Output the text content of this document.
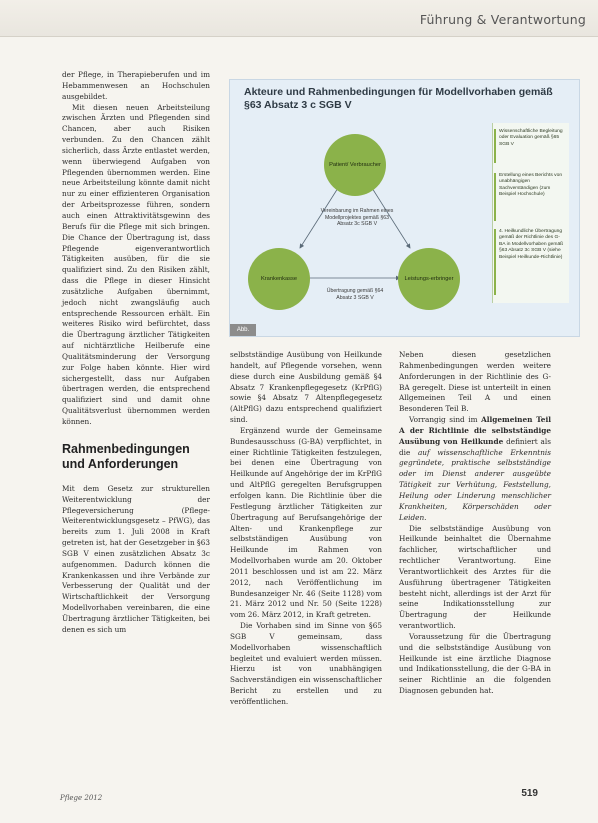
Führung & Verantwortung

der Pflege, in Therapieberufen und im Hebammenwesen an Hochschulen ausgebildet.

Mit diesen neuen Arbeitsteilung zwischen Ärzten und Pflegenden sind Chancen, aber auch Risiken verbunden. Zu den Chancen zählt sicherlich, dass Ärzte entlastet werden, wenn überwiegend Aufgaben von Pflegenden übernommen werden. Eine neue Arbeitsteilung könnte damit nicht nur zu einer effizienteren Organisation der Arbeitsprozesse führen, sondern auch einen Attraktivitätsgewinn des Berufs für die Pflege mit sich bringen. Die Chance der Übertragung ist, dass Pflegende eigenverantwortlich Tätigkeiten ausüben, für die sie qualifiziert sind. Zu den Risiken zählt, dass die Pflege in dieser Hinsicht zusätzliche Aufgaben übernimmt, jedoch nicht zwangsläufig auch entsprechende Ressourcen erhält. Ein weiteres Risiko wird befürchtet, dass die Übertragung ärztlicher Tätigkeiten auf nichtärztliche Heilberufe eine Qualitätsminderung der Versorgung zur Folge haben könnte. Hier wird sichergestellt, dass nur Aufgaben übertragen werden, die entsprechend qualifiziert sind und damit ohne Qualitätsverlust übernommen werden können.

Rahmenbedingungen und Anforderungen

Mit dem Gesetz zur strukturellen Weiterentwicklung der Pflegeversicherung (Pflege-Weiterentwicklungsgesetz – PfWG), das bereits zum 1. Juli 2008 in Kraft getreten ist, hat der Gesetzgeber in §63 SGB V einen zusätzlichen Absatz 3c aufgenommen. Dadurch können die Krankenkassen und ihre Verbände zur Verbesserung der Qualität und der Wirtschaftlichkeit der Versorgung Modellvorhaben vereinbaren, die eine Übertragung ärztlicher Tätigkeiten, bei denen es sich um

Akteure und Rahmenbedingungen für Modellvorhaben gemäß §63 Absatz 3 c SGB V
Patient/ Verbraucher
Krankenkasse	Leistungs-erbringer
Vereinbarung im Rahmen eines Modellprojektes gemäß §63 Absatz 3c SGB V
Übertragung gemäß §64 Absatz 3 SGB V
Wissenschaftliche Begleitung oder Evaluation gemäß §65 SGB V
Erstellung eines Berichts von unabhängigen Sachverständigen (zum Beispiel Hochschule)
4. Heilkundliche Übertragung gemäß der Richtlinie des G-BA in Modellvorhaben gemäß §63 Absatz 3c SGB V (siehe Beispiel Heilkunde-Richtlinie)
Abb.

selbstständige Ausübung von Heilkunde handelt, auf Pflegende vorsehen, wenn diese durch eine Ausbildung gemäß §4 Absatz 7 Krankenpflegegesetz (KrPflG) sowie §4 Absatz 7 Altenpflegegesetz (AltPflG) dazu entsprechend qualifiziert sind.

Ergänzend wurde der Gemeinsame Bundesausschuss (G-BA) verpflichtet, in einer Richtlinie Tätigkeiten festzulegen, bei denen eine Übertragung von Heilkunde auf Angehörige der im KrPflG und AltPflG geregelten Berufsgruppen erfolgen kann. Die Richtlinie über die Festlegung ärztlicher Tätigkeiten zur Übertragung auf Berufsangehörige der Alten- und Krankenpflege zur selbstständigen Ausübung von Heilkunde im Rahmen von Modellvorhaben wurde am 20. Oktober 2011 beschlossen und ist am 22. März 2012, nach Veröffentlichung im Bundesanzeiger Nr. 46 (Seite 1128) vom 21. März 2012 und Nr. 50 (Seite 1228) vom 26. März 2012, in Kraft getreten.

Die Vorhaben sind im Sinne von §65 SGB V gemeinsam, dass Modellvorhaben wissenschaftlich begleitet und evaluiert werden müssen. Hierzu ist von unabhängigen Sachverständigen ein wissenschaftlicher Bericht zu erstellen und zu veröffentlichen.

Neben diesen gesetzlichen Rahmenbedingungen werden weitere Anforderungen in der Richtlinie des G-BA geregelt. Diese ist unterteilt in einen Allgemeinen Teil A und einen Besonderen Teil B.

Vorrangig sind im Allgemeinen Teil A der Richtlinie die selbstständige Ausübung von Heilkunde definiert als die auf wissenschaftliche Erkenntnis gegründete, praktische selbstständige oder im Dienst anderer ausgeübte Tätigkeit zur Verhütung, Feststellung, Heilung oder Linderung menschlicher Krankheiten, Körperschäden oder Leiden.

Die selbstständige Ausübung von Heilkunde beinhaltet die Übernahme fachlicher, wirtschaftlicher und rechtlicher Verantwortung. Eine Verantwortlichkeit des Arztes für die Ausführung übertragener Tätigkeiten besteht nicht, allerdings ist der Arzt für seine Indikationsstellung zur Übertragung der Heilkunde verantwortlich.

Voraussetzung für die Übertragung und die selbstständige Ausübung von Heilkunde ist eine ärztliche Diagnose und Indikationsstellung, die der G-BA in seiner Richtlinie an die folgenden Diagnosen gebunden hat.

Pflege 2012	519
